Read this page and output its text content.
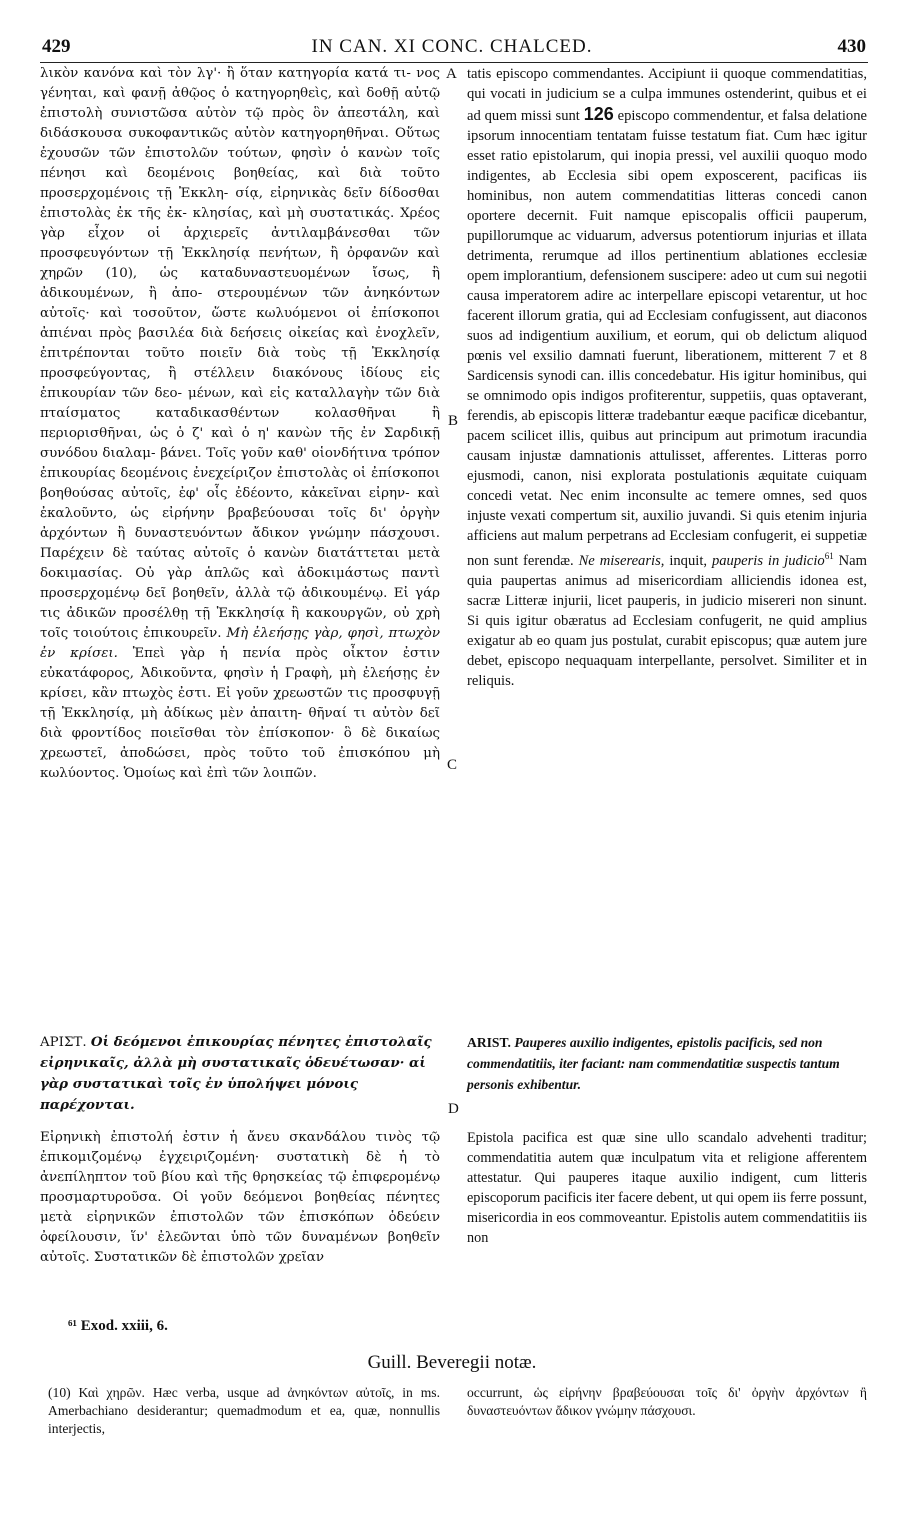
429	IN CAN. XI CONC. CHALCED.	430
A
B
C
D

λικὸν κανόνα καὶ τὸν λγ'· ἢ ὅταν κατηγορία κατά τι- νος γένηται, καὶ φανῇ ἀθῷος ὁ κατηγορηθεὶς, καὶ δοθῇ αὐτῷ ἐπιστολὴ συνιστῶσα αὐτὸν τῷ πρὸς ὃν ἀπεστάλη, καὶ διδάσκουσα συκοφαντικῶς αὐτὸν κατηγορηθῆναι. Οὕτως ἐχουσῶν τῶν ἐπιστολῶν τούτων, φησὶν ὁ κανὼν τοῖς πένησι καὶ δεομένοις βοηθείας, καὶ διὰ τοῦτο προσερχομένοις τῇ Ἐκκλη- σίᾳ, εἰρηνικὰς δεῖν δίδοσθαι ἐπιστολὰς ἐκ τῆς ἐκ- κλησίας, καὶ μὴ συστατικάς. Χρέος γὰρ εἶχον οἱ ἀρχιερεῖς ἀντιλαμβάνεσθαι τῶν προσφευγόντων τῇ Ἐκκλησίᾳ πενήτων, ἢ ὀρφανῶν καὶ χηρῶν (10), ὡς καταδυναστευομένων ἴσως, ἢ ἀδικουμένων, ἢ ἀπο- στερουμένων τῶν ἀνηκόντων αὐτοῖς· καὶ τοσοῦτον, ὥστε κωλυόμενοι οἱ ἐπίσκοποι ἀπιέναι πρὸς βασιλέα διὰ δεήσεις οἰκείας καὶ ἐνοχλεῖν, ἐπιτρέπονται τοῦτο ποιεῖν διὰ τοὺς τῇ Ἐκκλησίᾳ προσφεύγοντας, ἢ στέλλειν διακόνους ἰδίους εἰς ἐπικουρίαν τῶν δεο- μένων, καὶ εἰς καταλλαγὴν τῶν διὰ πταίσματος καταδικασθέντων κολασθῆναι ἢ περιορισθῆναι, ὡς ὁ ζ' καὶ ὁ η' κανὼν τῆς ἐν Σαρδικῇ συνόδου διαλαμ- βάνει. Τοῖς γοῦν καθ' οἱονδήτινα τρόπον ἐπικουρίας δεομένοις ἐνεχείριζον ἐπιστολὰς οἱ ἐπίσκοποι βοηθούσας αὐτοῖς, ἐφ' οἷς ἐδέοντο, κἀκεῖναι εἰρην- καὶ ἐκαλοῦντο, ὡς εἰρήνην βραβεύουσαι τοῖς δι' ὀργὴν ἀρχόντων ἢ δυναστευόντων ἄδικον γνώμην πάσχουσι. Παρέχειν δὲ ταύτας αὐτοῖς ὁ κανὼν διατάττεται μετὰ δοκιμασίας. Οὐ γὰρ ἁπλῶς καὶ ἀδοκιμάστως παντὶ προσερχομένῳ δεῖ βοηθεῖν, ἀλλὰ τῷ ἀδικουμένῳ. Εἰ γάρ τις ἀδικῶν προσέλθῃ τῇ Ἐκκλησίᾳ ἢ κακουργῶν, οὐ χρὴ τοῖς τοιούτοις ἐπικουρεῖν. Μὴ ἐλεήσῃς γὰρ, φησὶ, πτωχὸν ἐν κρίσει. Ἐπεὶ γὰρ ἡ πενία πρὸς οἶκτον ἐστιν εὐκατάφορος, Ἀδικοῦντα, φησὶν ἡ Γραφὴ, μὴ ἐλεήσῃς ἐν κρίσει, κἂν πτωχὸς ἐστι. Εἰ γοῦν χρεωστῶν τις προσφυγῇ τῇ Ἐκκλησίᾳ, μὴ ἀδίκως μὲν ἀπαιτη- θῆναί τι αὐτὸν δεῖ διὰ φροντίδος ποιεῖσθαι τὸν ἐπίσκοπον· ὃ δὲ δικαίως χρεωστεῖ, ἀποδώσει, πρὸς τοῦτο τοῦ ἐπισκόπου μὴ κωλύοντος. Ὁμοίως καὶ ἐπὶ τῶν λοιπῶν.

tatis episcopo commendantes. Accipiunt ii quoque commendatitias, qui vocati in judicium se a culpa immunes ostenderint, quibus et ei ad quem missi sunt 126 episcopo commendentur, et falsa delatione ipsorum innocentiam tentatam fuisse testatum fiat. Cum hæc igitur esset ratio epistolarum, qui inopia pressi, vel auxilii quoquo modo indigentes, ab Ecclesia sibi opem exposcerent, pacificas iis hominibus, non autem commendatitias litteras concedi canon oportere decernit. Fuit namque episcopalis officii pauperum, pupillorumque ac viduarum, adversus potentiorum injurias et illata detrimenta, rerumque ad illos pertinentium ablationes ecclesiæ opem implorantium, defensionem suscipere: adeo ut cum sui negotii causa imperatorem adire ac interpellare episcopi vetarentur, ut hoc facerent illorum gratia, qui ad Ecclesiam confugissent, aut diaconos suos ad indigentium auxilium, et eorum, qui ob delictum aliquod pœnis vel exsilio damnati fuerunt, liberationem, mitterent 7 et 8 Sardicensis synodi can. illis concedebatur. His igitur hominibus, qui se omnimodo opis indigos profiterentur, suppetiis, quas optaverant, ferendis, ab episcopis litteræ tradebantur eæque pacificæ dicebantur, pacem scilicet illis, quibus aut principum aut primotum iracundia causam injustæ damnationis attulisset, afferentes. Litteras porro ejusmodi, canon, nisi explorata postulationis æquitate cuiquam concedi vetat. Nec enim inconsulte ac temere omnes, sed quos injuste vexati compertum sit, auxilio juvandi. Si quis etenim injuria afficiens aut malum perpetrans ad Ecclesiam confugerit, ei suppetiæ non sunt ferendæ. Ne miserearis, inquit, pauperis in judicio$^{61}$ Nam quia paupertas animus ad misericordiam alliciendis idonea est, sacræ Litteræ injurii, licet pauperis, in judicio misereri non sinunt. Si quis igitur obæratus ad Ecclesiam confugerit, ne quid amplius exigatur ab eo quam jus postulat, curabit episcopus; quæ autem jure debet, episcopo nequaquam interpellante, persolvet. Similiter et in reliquis.

ΑΡΙΣΤ. Οἱ δεόμενοι ἐπικουρίας πένητες ἐπιστολαῖς εἰρηνικαῖς, ἀλλὰ μὴ συστατικαῖς ὁδευέτωσαν· αἱ γὰρ συστατικαὶ τοῖς ἐν ὑπολήψει μόνοις παρέχονται.
ARIST. Pauperes auxilio indigentes, epistolis pacificis, sed non commendatitiis, iter faciant: nam commendatitiæ suspectis tantum personis exhibentur.
Εἰρηνικὴ ἐπιστολή ἐστιν ἡ ἄνευ σκανδάλου τινὸς τῷ ἐπικομιζομένῳ ἐγχειριζομένη· συστατικὴ δὲ ἡ τὸ ἀνεπίληπτον τοῦ βίου καὶ τῆς θρησκείας τῷ ἐπιφερομένῳ προσμαρτυροῦσα. Οἱ γοῦν δεόμενοι βοηθείας πένητες μετὰ εἰρηνικῶν ἐπιστολῶν τῶν ἐπισκόπων ὁδεύειν ὀφείλουσιν, ἵν' ἐλεῶνται ὑπὸ τῶν δυναμένων βοηθεῖν αὐτοῖς. Συστατικῶν δὲ ἐπιστολῶν χρεῖαν
Epistola pacifica est quæ sine ullo scandalo advehenti traditur; commendatitia autem quæ inculpatum vita et religione afferentem attestatur. Qui pauperes itaque auxilio indigent, cum litteris episcoporum pacificis iter facere debent, ut qui opem iis ferre possunt, misericordia in eos commoveantur. Epistolis autem commendatitiis iis non
⁶¹ Exod. xxiii, 6.
Guill. Beveregii notæ.
(10) Καὶ χηρῶν. Hæc verba, usque ad ἀνηκόντων αὐτοῖς, in ms. Amerbachiano desiderantur; quemadmodum et ea, quæ, nonnullis interjectis,
occurrunt, ὡς εἰρήνην βραβεύουσαι τοῖς δι' ὀργὴν ἀρχόντων ἢ δυναστευόντων ἄδικον γνώμην πάσχουσι.
